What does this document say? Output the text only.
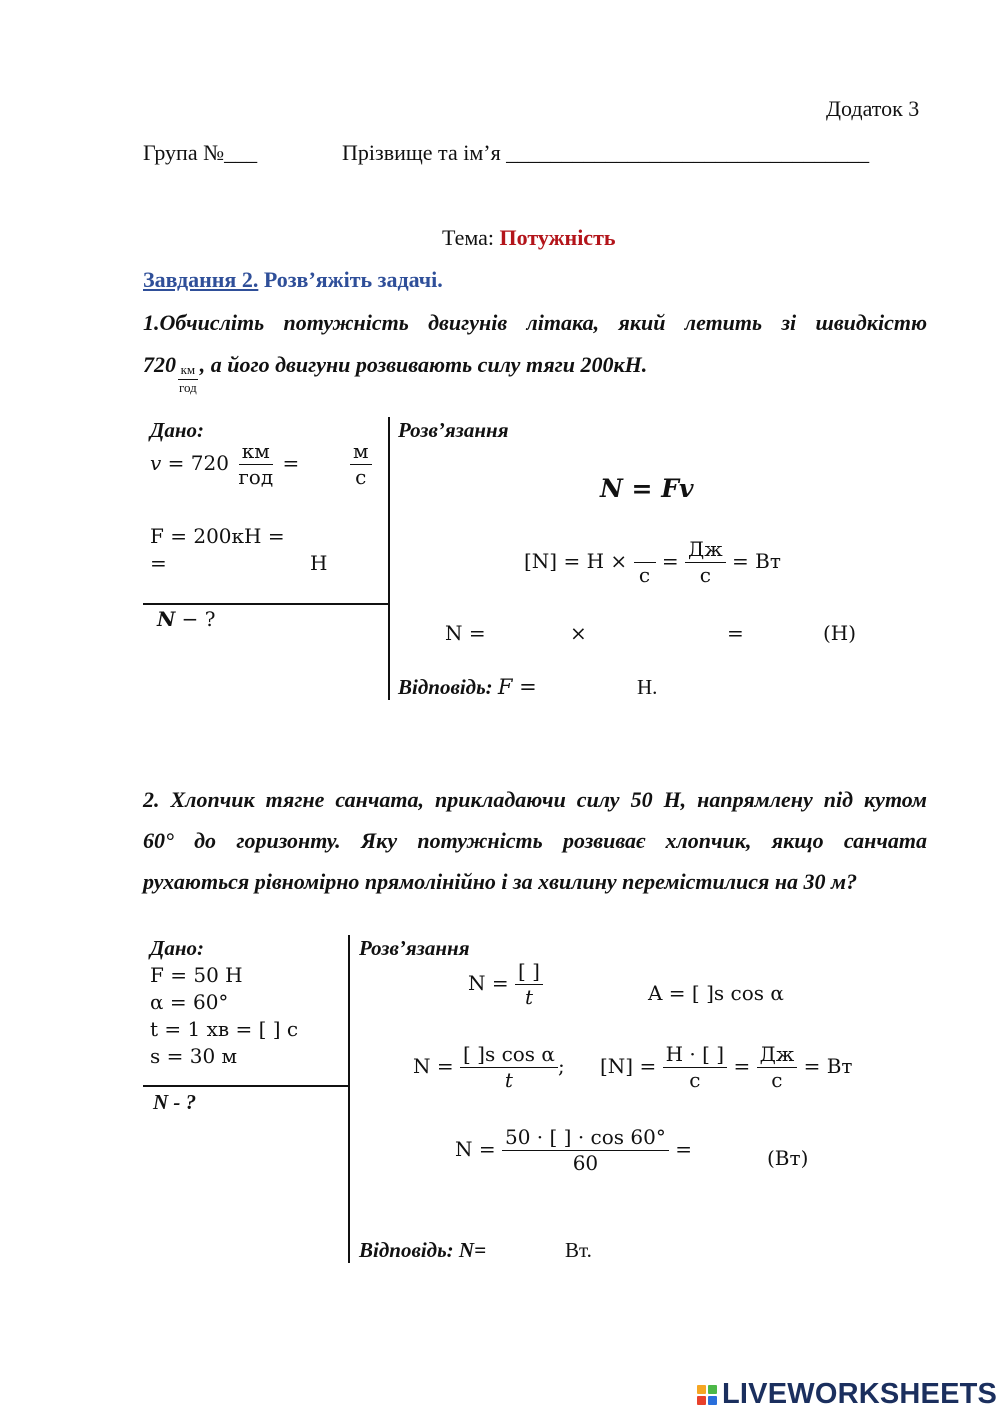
Додаток 3
Група №___	Прізвище та ім’я _________________________________
Тема: Потужність
Завдання 2. Розв’яжіть задачі.
1.Обчисліть потужність двигунів літака, який летить зі швидкістю
$720 \frac{км}{\text{год}}$ , а його двигуни розвивають силу тяги 200кН.
Дано:
$v = 720 \frac{км}{\text{год}}$ =	$\frac{м}{с}$
F = 200кН =
=	Н
N − ?
Розв’язання
N = Fv
[N] = H ×

с
= $\frac{Дж}{с}$ = Вт
N =	×	=	(Н)
Відповідь: F =	Н.
2. Хлопчик тягне санчата, прикладаючи силу 50 Н, напрямлену під кутом
60° до горизонту. Яку потужність розвиває хлопчик, якщо санчата
рухаються рівномірно прямолінійно і за хвилину перемістилися на 30 м?
Дано:
F = 50 Н
α = 60°
t = 1 хв = [ ] с
s = 30 м
N - ?
Розв’язання
$N = \frac{[ ]}{t}$	A = [ ]s cos α
$N = \frac{\text{[ ]s cos α}}{t}$ ; $[N] = \frac{Н \cdot [ ]}{с} = \frac{Дж}{с}$ = Вт
$N = \frac{50 \cdot [ ] \cdot \cos 60^\circ}{60}$ =	(Вт)
Відповідь: N=	Вт.
LIVEWORKSHEETS
